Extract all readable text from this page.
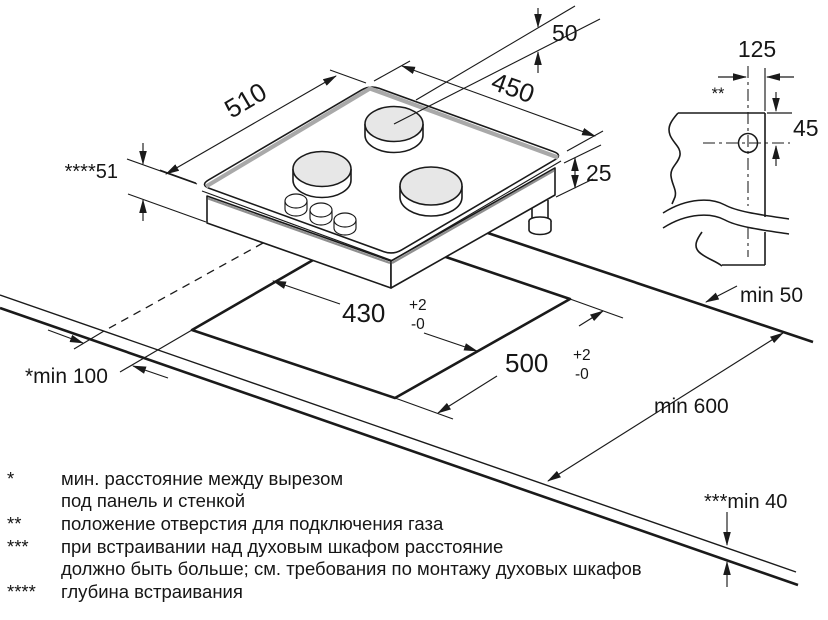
510	450
50
25
****51
430 +2
-0
500 +2
-0
*min 100
min 50
min 600
***min 40
125
**
45
*	мин. расстояние между вырезом
под панель и стенкой
** положение отверстия для подключения газа
*** при встраивании над духовым шкафом расстояние
должно быть больше; см. требования по монтажу духовых шкафов
**** глубина встраивания
